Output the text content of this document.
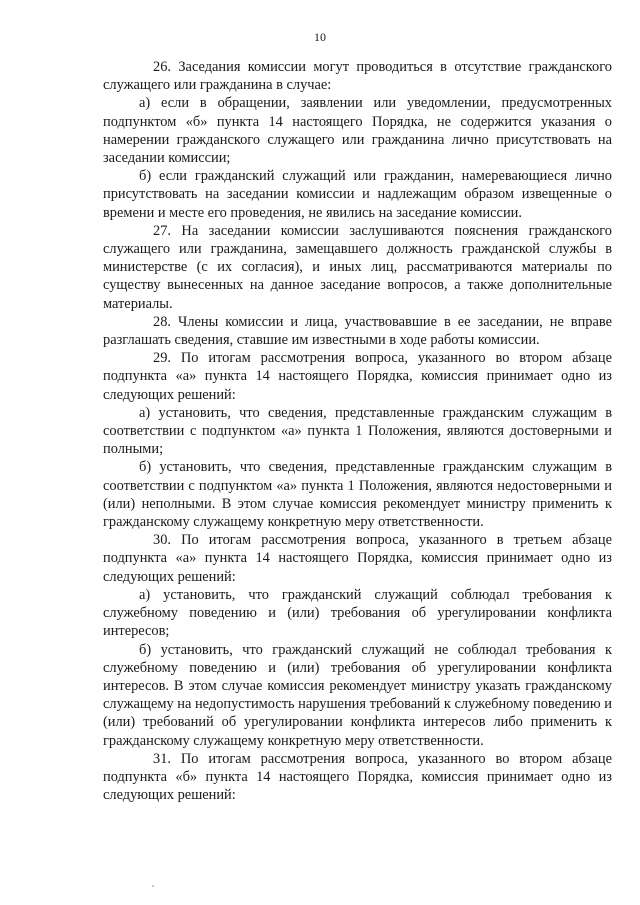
10

26. Заседания комиссии могут проводиться в отсутствие гражданского служащего или гражданина в случае:

а) если в обращении, заявлении или уведомлении, предусмотренных подпунктом «б» пункта 14 настоящего Порядка, не содержится указания о намерении гражданского служащего или гражданина лично присутствовать на заседании комиссии;

б) если гражданский служащий или гражданин, намеревающиеся лично присутствовать на заседании комиссии и надлежащим образом извещенные о времени и месте его проведения, не явились на заседание комиссии.

27. На заседании комиссии заслушиваются пояснения гражданского служащего или гражданина, замещавшего должность гражданской службы в министерстве (с их согласия), и иных лиц, рассматриваются материалы по существу вынесенных на данное заседание вопросов, а также дополнительные материалы.

28. Члены комиссии и лица, участвовавшие в ее заседании, не вправе разглашать сведения, ставшие им известными в ходе работы комиссии.

29. По итогам рассмотрения вопроса, указанного во втором абзаце подпункта «а» пункта 14 настоящего Порядка, комиссия принимает одно из следующих решений:

а) установить, что сведения, представленные гражданским служащим в соответствии с подпунктом «а» пункта 1 Положения, являются достоверными и полными;

б) установить, что сведения, представленные гражданским служащим в соответствии с подпунктом «а» пункта 1 Положения, являются недостоверными и (или) неполными. В этом случае комиссия рекомендует министру применить к гражданскому служащему конкретную меру ответственности.

30. По итогам рассмотрения вопроса, указанного в третьем абзаце подпункта «а» пункта 14 настоящего Порядка, комиссия принимает одно из следующих решений:

а) установить, что гражданский служащий соблюдал требования к служебному поведению и (или) требования об урегулировании конфликта интересов;

б) установить, что гражданский служащий не соблюдал требования к служебному поведению и (или) требования об урегулировании конфликта интересов. В этом случае комиссия рекомендует министру указать гражданскому служащему на недопустимость нарушения требований к служебному поведению и (или) требований об урегулировании конфликта интересов либо применить к гражданскому служащему конкретную меру ответственности.

31. По итогам рассмотрения вопроса, указанного во втором абзаце подпункта «б» пункта 14 настоящего Порядка, комиссия принимает одно из следующих решений:
